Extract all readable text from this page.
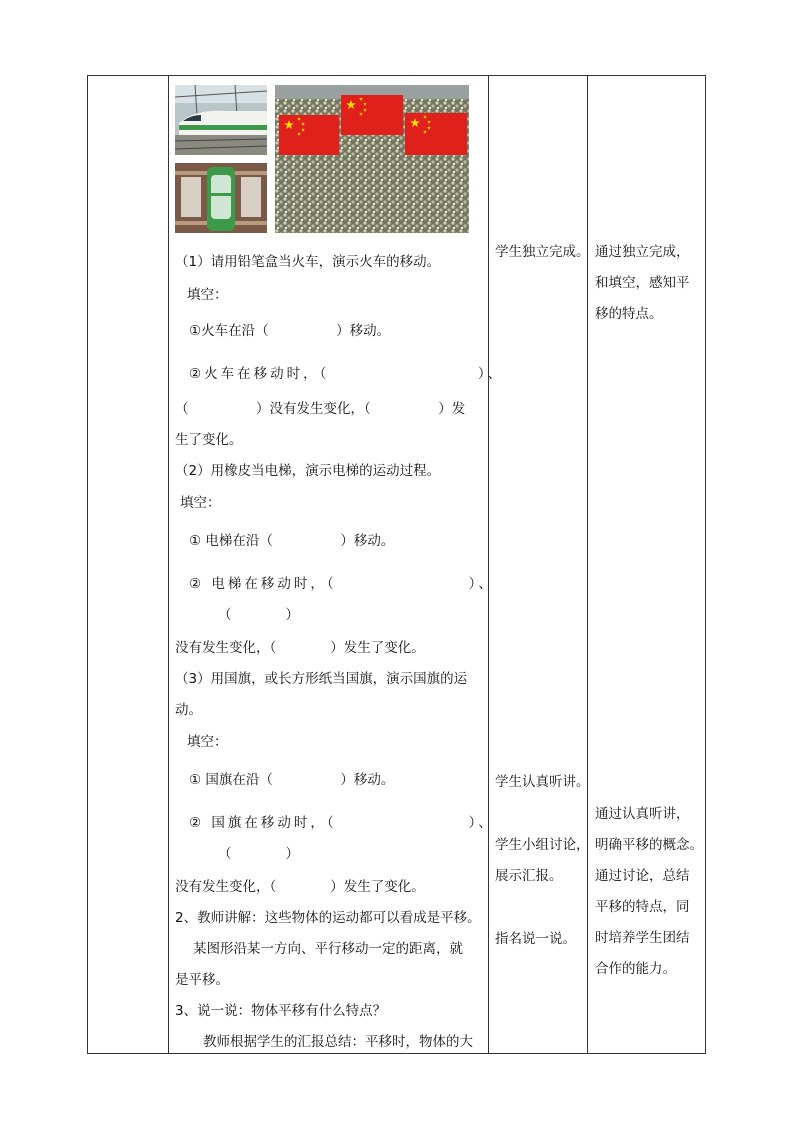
（1）请用铅笔盒当火车，演示火车的移动。
填空：
①火车在沿（　　　　　）移动。
②火车在移动时，（　　　　　　　　　）、
（　　　　　）没有发生变化，（　　　　　）发
生了变化。
（2）用橡皮当电梯，演示电梯的运动过程。
填空：
① 电梯在沿（　　　　　）移动。
② 电梯在移动时，（　　　　　　　　）、
（　　　　）
没有发生变化，（　　　　）发生了变化。
（3）用国旗，或长方形纸当国旗，演示国旗的运
动。
填空：
① 国旗在沿（　　　　　）移动。
② 国旗在移动时，（　　　　　　　　）、
（　　　　）
没有发生变化，（　　　　）发生了变化。
2、教师讲解：这些物体的运动都可以看成是平移。
某图形沿某一方向、平行移动一定的距离，就
是平移。
3、说一说：物体平移有什么特点？
教师根据学生的汇报总结：平移时，物体的大
学生独立完成。
学生认真听讲。
学生小组讨论，
展示汇报。
指名说一说。
通过独立完成，
和填空，感知平
移的特点。
通过认真听讲，
明确平移的概念。
通过讨论，总结
平移的特点，同
时培养学生团结
合作的能力。
